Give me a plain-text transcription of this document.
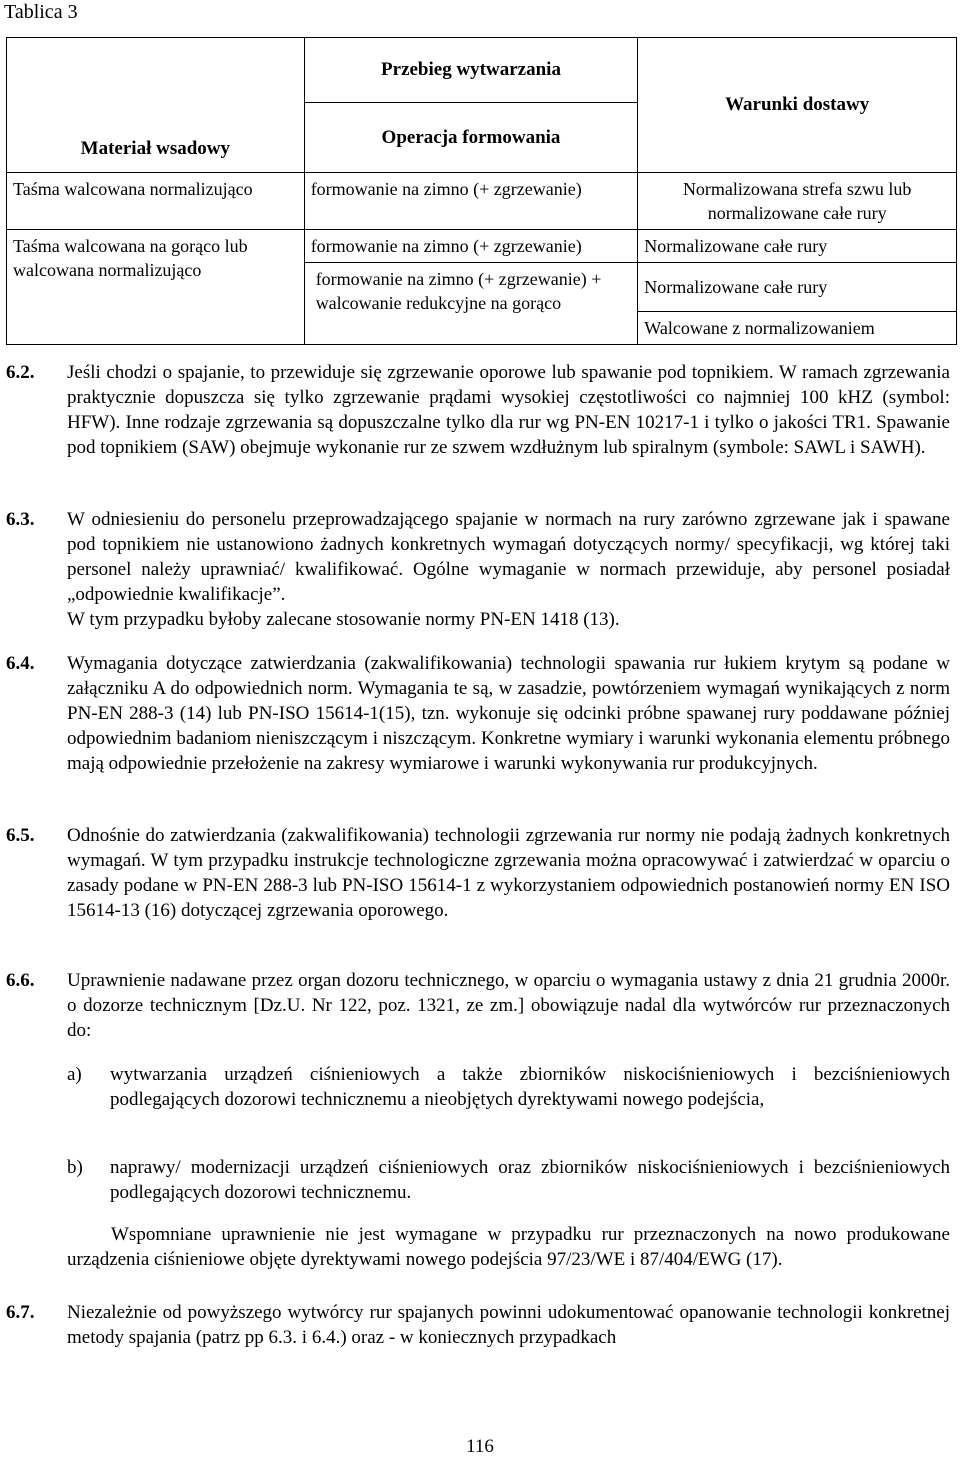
Tablica 3
Materiał wsadowy	Przebieg wytwarzania	Warunki dostawy
	Operacja formowania	
Taśma walcowana normalizująco	formowanie na zimno (+ zgrzewanie)	Normalizowana strefa szwu lub normalizowane całe rury
Taśma walcowana na gorąco lub walcowana normalizująco	formowanie na zimno (+ zgrzewanie)	Normalizowane całe rury
	formowanie na zimno (+ zgrzewanie) + walcowanie redukcyjne na gorąco	Normalizowane całe rury
		Walcowane z normalizowaniem
6.2. Jeśli chodzi o spajanie, to przewiduje się zgrzewanie oporowe lub spawanie pod topnikiem. W ramach zgrzewania praktycznie dopuszcza się tylko zgrzewanie prądami wysokiej częstotliwości co najmniej 100 kHZ (symbol: HFW). Inne rodzaje zgrzewania są dopuszczalne tylko dla rur wg PN-EN 10217-1 i tylko o jakości TR1. Spawanie pod topnikiem (SAW) obejmuje wykonanie rur ze szwem wzdłużnym lub spiralnym (symbole: SAWL i SAWH).
6.3. W odniesieniu do personelu przeprowadzającego spajanie w normach na rury zarówno zgrzewane jak i spawane pod topnikiem nie ustanowiono żadnych konkretnych wymagań dotyczących normy/ specyfikacji, wg której taki personel należy uprawniać/ kwalifikować. Ogólne wymaganie w normach przewiduje, aby personel posiadał „odpowiednie kwalifikacje”.
W tym przypadku byłoby zalecane stosowanie normy PN-EN 1418 (13).
6.4. Wymagania dotyczące zatwierdzania (zakwalifikowania) technologii spawania rur łukiem krytym są podane w załączniku A do odpowiednich norm. Wymagania te są, w zasadzie, powtórzeniem wymagań wynikających z norm PN-EN 288-3 (14) lub PN-ISO 15614-1(15), tzn. wykonuje się odcinki próbne spawanej rury poddawane później odpowiednim badaniom nieniszczącym i niszczącym. Konkretne wymiary i warunki wykonania elementu próbnego mają odpowiednie przełożenie na zakresy wymiarowe i warunki wykonywania rur produkcyjnych.
6.5. Odnośnie do zatwierdzania (zakwalifikowania) technologii zgrzewania rur normy nie podają żadnych konkretnych wymagań. W tym przypadku instrukcje technologiczne zgrzewania można opracowywać i zatwierdzać w oparciu o zasady podane w PN-EN 288-3 lub PN-ISO 15614-1 z wykorzystaniem odpowiednich postanowień normy EN ISO 15614-13 (16) dotyczącej zgrzewania oporowego.
6.6. Uprawnienie nadawane przez organ dozoru technicznego, w oparciu o wymagania ustawy z dnia 21 grudnia 2000r. o dozorze technicznym [Dz.U. Nr 122, poz. 1321, ze zm.] obowiązuje nadal dla wytwórców rur przeznaczonych do:
a) wytwarzania urządzeń ciśnieniowych a także zbiorników niskociśnieniowych i bezciśnieniowych podlegających dozorowi technicznemu a nieobjętych dyrektywami nowego podejścia,
b) naprawy/ modernizacji urządzeń ciśnieniowych oraz zbiorników niskociśnieniowych i bezciśnieniowych podlegających dozorowi technicznemu.
Wspomniane uprawnienie nie jest wymagane w przypadku rur przeznaczonych na nowo produkowane urządzenia ciśnieniowe objęte dyrektywami nowego podejścia 97/23/WE i 87/404/EWG (17).
6.7. Niezależnie od powyższego wytwórcy rur spajanych powinni udokumentować opanowanie technologii konkretnej metody spajania (patrz pp 6.3. i 6.4.) oraz - w koniecznych przypadkach
116
